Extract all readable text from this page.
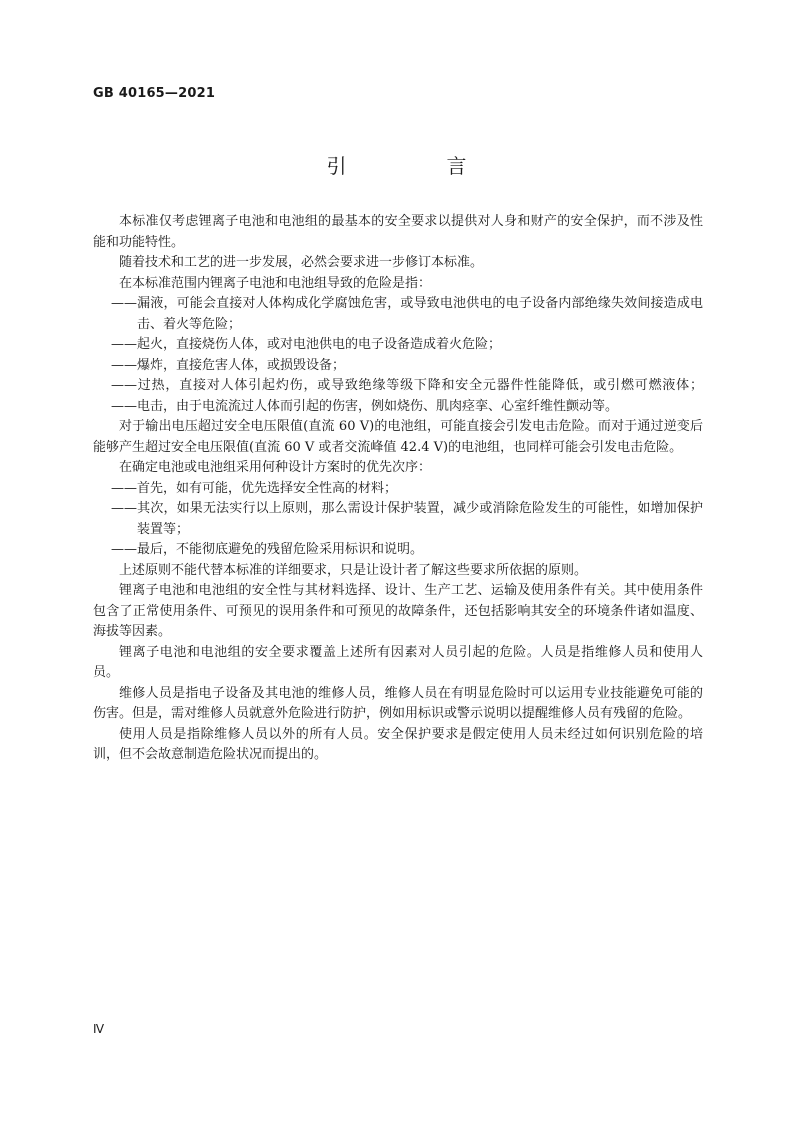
GB 40165—2021
引　言

本标准仅考虑锂离子电池和电池组的最基本的安全要求以提供对人身和财产的安全保护，而不涉及性能和功能特性。

随着技术和工艺的进一步发展，必然会要求进一步修订本标准。

在本标准范围内锂离子电池和电池组导致的危险是指：

——漏液，可能会直接对人体构成化学腐蚀危害，或导致电池供电的电子设备内部绝缘失效间接造成电击、着火等危险；

——起火，直接烧伤人体，或对电池供电的电子设备造成着火危险；

——爆炸，直接危害人体，或损毁设备；

——过热，直接对人体引起灼伤，或导致绝缘等级下降和安全元器件性能降低，或引燃可燃液体；

——电击，由于电流流过人体而引起的伤害，例如烧伤、肌肉痉挛、心室纤维性颤动等。

对于输出电压超过安全电压限值(直流 60 V)的电池组，可能直接会引发电击危险。而对于通过逆变后能够产生超过安全电压限值(直流 60 V 或者交流峰值 42.4 V)的电池组，也同样可能会引发电击危险。

在确定电池或电池组采用何种设计方案时的优先次序：

——首先，如有可能，优先选择安全性高的材料；

——其次，如果无法实行以上原则，那么需设计保护装置，减少或消除危险发生的可能性，如增加保护装置等；

——最后，不能彻底避免的残留危险采用标识和说明。

上述原则不能代替本标准的详细要求，只是让设计者了解这些要求所依据的原则。

锂离子电池和电池组的安全性与其材料选择、设计、生产工艺、运输及使用条件有关。其中使用条件包含了正常使用条件、可预见的误用条件和可预见的故障条件，还包括影响其安全的环境条件诸如温度、海拔等因素。

锂离子电池和电池组的安全要求覆盖上述所有因素对人员引起的危险。人员是指维修人员和使用人员。

维修人员是指电子设备及其电池的维修人员，维修人员在有明显危险时可以运用专业技能避免可能的伤害。但是，需对维修人员就意外危险进行防护，例如用标识或警示说明以提醒维修人员有残留的危险。

使用人员是指除维修人员以外的所有人员。安全保护要求是假定使用人员未经过如何识别危险的培训，但不会故意制造危险状况而提出的。

Ⅳ
